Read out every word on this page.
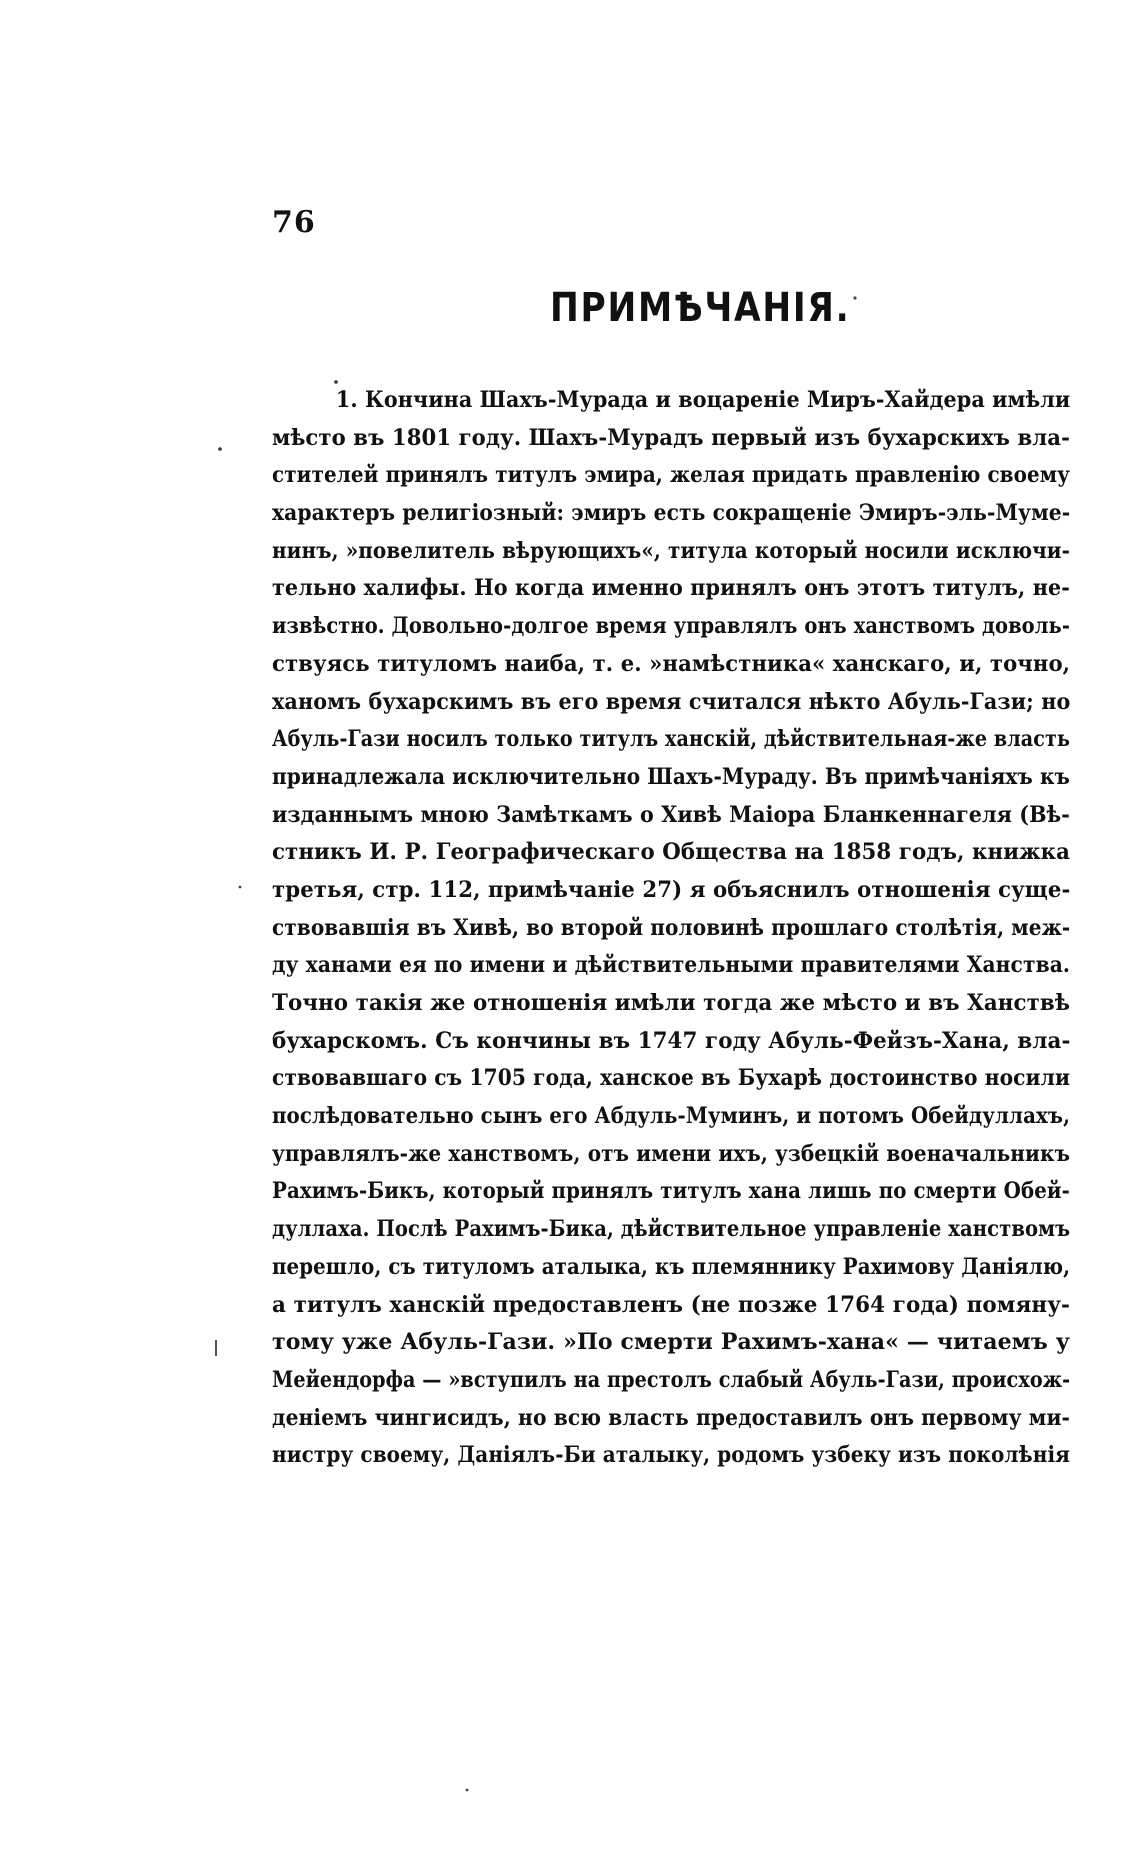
76
ПРИМѢЧАНІЯ.
1. Кончина Шахъ-Мурада и воцареніе Миръ-Хайдера имѣли
мѣсто въ 1801 году. Шахъ-Мурадъ первый изъ бухарскихъ вла-
стителей принялъ титулъ эмира, желая придать правленію своему
характеръ религіозный: эмиръ есть сокращеніе Эмиръ-эль-Мумe-
нинъ, »повелитель вѣрующихъ«, титула который носили исключи-
тельно халифы. Но когда именно принялъ онъ этотъ титулъ, не-
извѣстно. Довольно-долгое время управлялъ онъ ханствомъ доволь-
ствуясь титуломъ наиба, т. е. »намѣстника« ханскаго, и, точно,
ханомъ бухарскимъ въ его время считался нѣкто Абуль-Гази; но
Абуль-Гази носилъ только титулъ ханскій, дѣйствительная-же власть
принадлежала исключительно Шахъ-Мураду. Въ примѣчаніяхъ къ
изданнымъ мною Замѣткамъ о Хивѣ Маіора Бланкеннагеля (Вѣ-
стникъ И. Р. Географическаго Общества на 1858 годъ, книжка
третья, стр. 112, примѣчаніе 27) я объяснилъ отношенія суще-
ствовавшія въ Хивѣ, во второй половинѣ прошлаго столѣтія, меж-
ду ханами ея по имени и дѣйствительными правителями Ханства.
Точно такія же отношенія имѣли тогда же мѣсто и въ Ханствѣ
бухарскомъ. Съ кончины въ 1747 году Абуль-Фейзъ-Хана, вла-
ствовавшаго съ 1705 года, ханское въ Бухарѣ достоинство носили
послѣдовательно сынъ его Абдуль-Муминъ, и потомъ Обейдуллахъ,
управлялъ-же ханствомъ, отъ имени ихъ, узбецкій военачальникъ
Рахимъ-Бикъ, который принялъ титулъ хана лишь по смерти Обей-
дуллаха. Послѣ Рахимъ-Бика, дѣйствительное управленіе ханствомъ
перешло, съ титуломъ аталыка, къ племяннику Рахимову Даніялю,
а титулъ ханскій предоставленъ (не позже 1764 года) помяну-
тому уже Абуль-Гази. »По смерти Рахимъ-хана« — читаемъ у
Мейендорфа — »вступилъ на престолъ слабый Абуль-Гази, происхож-
деніемъ чингисидъ, но всю власть предоставилъ онъ первому ми-
нистру своему, Даніялъ-Би аталыку, родомъ узбеку изъ поколѣнія
